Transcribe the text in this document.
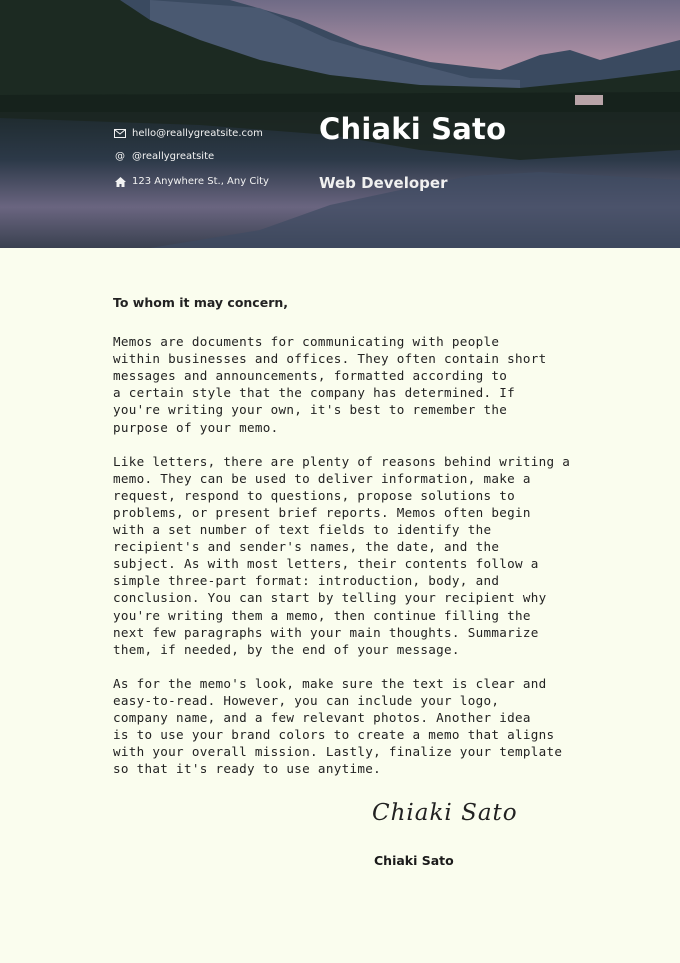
hello@reallygreatsite.com
@ @reallygreatsite
123 Anywhere St., Any City
Chiaki Sato
Web Developer
To whom it may concern,

Memos are documents for communicating with people
within businesses and offices. They often contain short
messages and announcements, formatted according to
a certain style that the company has determined. If
you're writing your own, it's best to remember the
purpose of your memo.

Like letters, there are plenty of reasons behind writing a
memo. They can be used to deliver information, make a
request, respond to questions, propose solutions to
problems, or present brief reports. Memos often begin
with a set number of text fields to identify the
recipient's and sender's names, the date, and the
subject. As with most letters, their contents follow a
simple three-part format: introduction, body, and
conclusion. You can start by telling your recipient why
you're writing them a memo, then continue filling the
next few paragraphs with your main thoughts. Summarize
them, if needed, by the end of your message.

As for the memo's look, make sure the text is clear and
easy-to-read. However, you can include your logo,
company name, and a few relevant photos. Another idea
is to use your brand colors to create a memo that aligns
with your overall mission. Lastly, finalize your template
so that it's ready to use anytime.

Chiaki Sato
Chiaki Sato
